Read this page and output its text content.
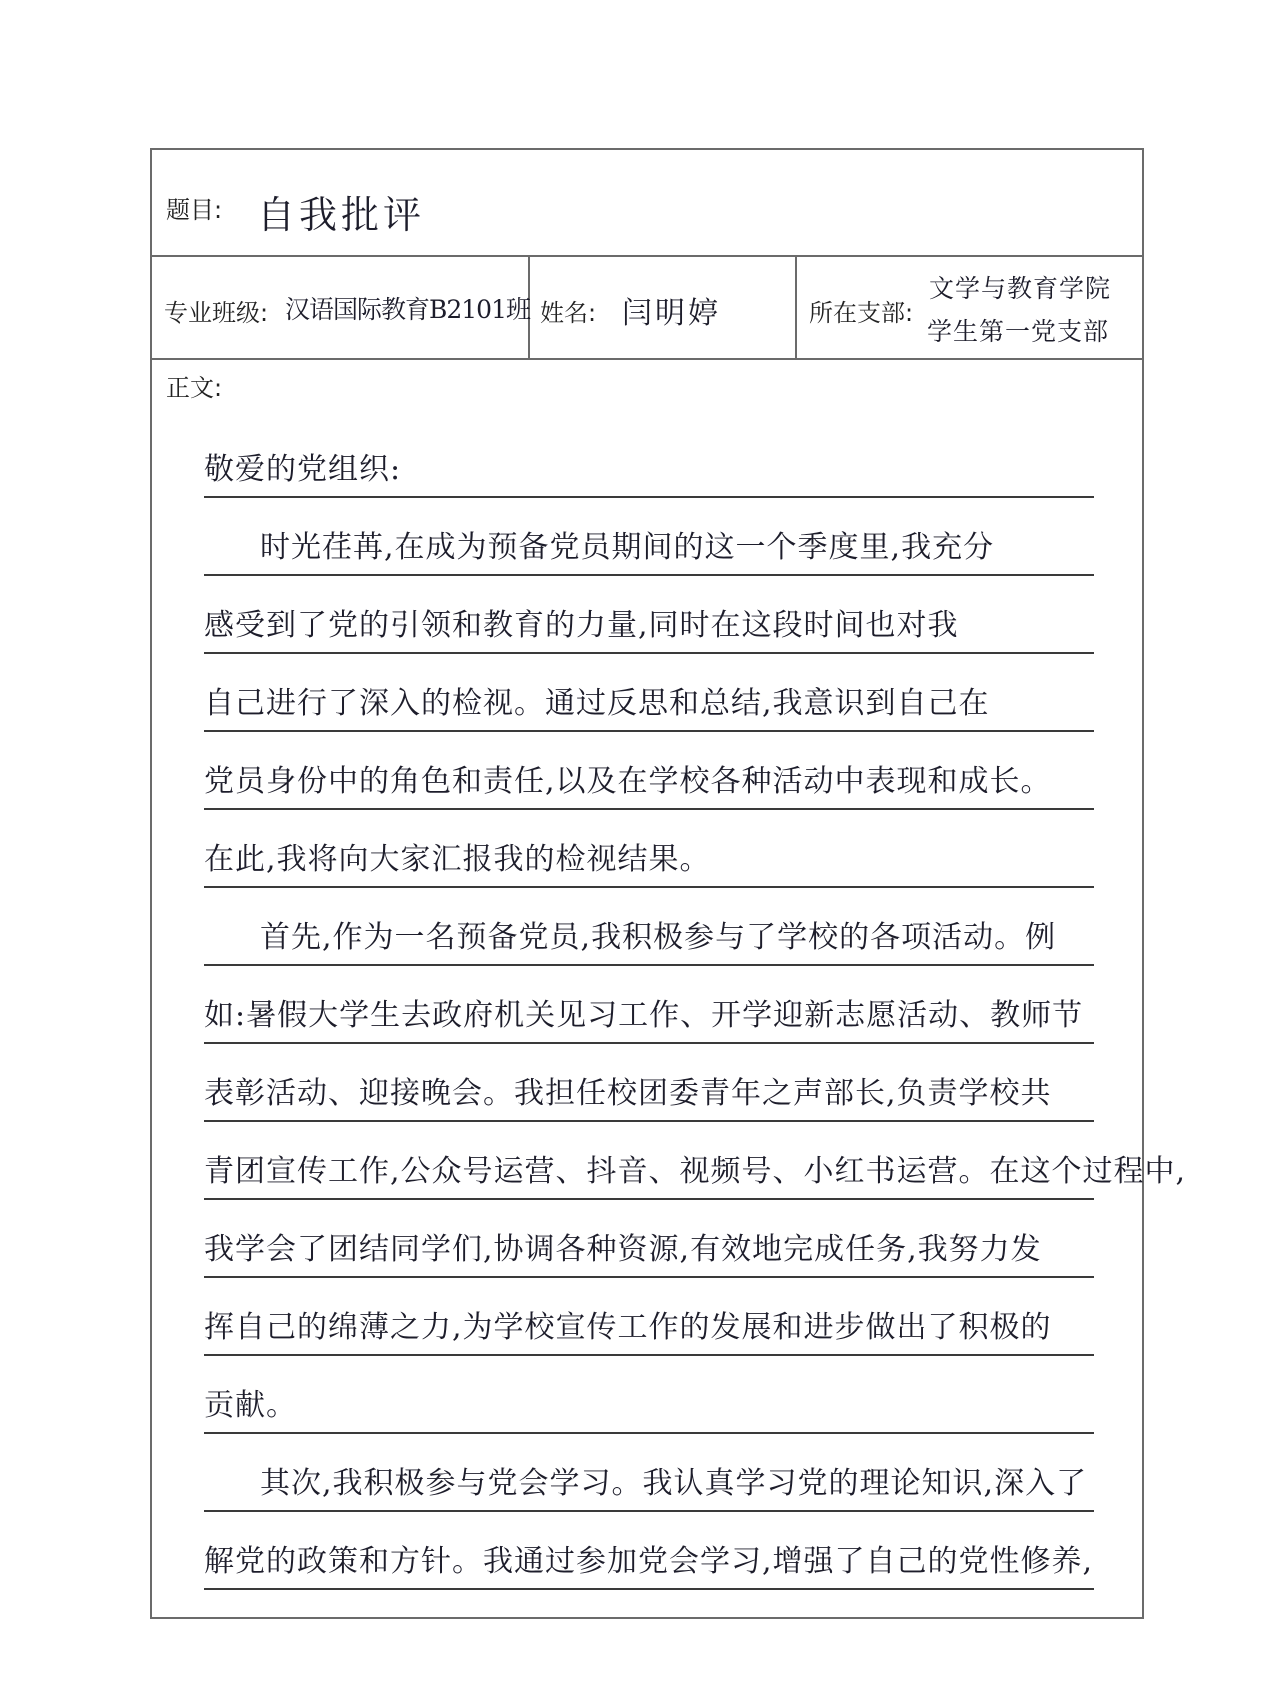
题目: 自我批评
专业班级: 汉语国际教育B2101班 姓名: 闫明婷	所在支部:
文学与教育学院
学生第一党支部
正文:
敬爱的党组织:
时光荏苒,在成为预备党员期间的这一个季度里,我充分
感受到了党的引领和教育的力量,同时在这段时间也对我
自己进行了深入的检视。通过反思和总结,我意识到自己在
党员身份中的角色和责任,以及在学校各种活动中表现和成长。
在此,我将向大家汇报我的检视结果。
首先,作为一名预备党员,我积极参与了学校的各项活动。例
如:暑假大学生去政府机关见习工作、开学迎新志愿活动、教师节
表彰活动、迎接晚会。我担任校团委青年之声部长,负责学校共
青团宣传工作,公众号运营、抖音、视频号、小红书运营。在这个过程中,
我学会了团结同学们,协调各种资源,有效地完成任务,我努力发
挥自己的绵薄之力,为学校宣传工作的发展和进步做出了积极的
贡献。
其次,我积极参与党会学习。我认真学习党的理论知识,深入了
解党的政策和方针。我通过参加党会学习,增强了自己的党性修养,
